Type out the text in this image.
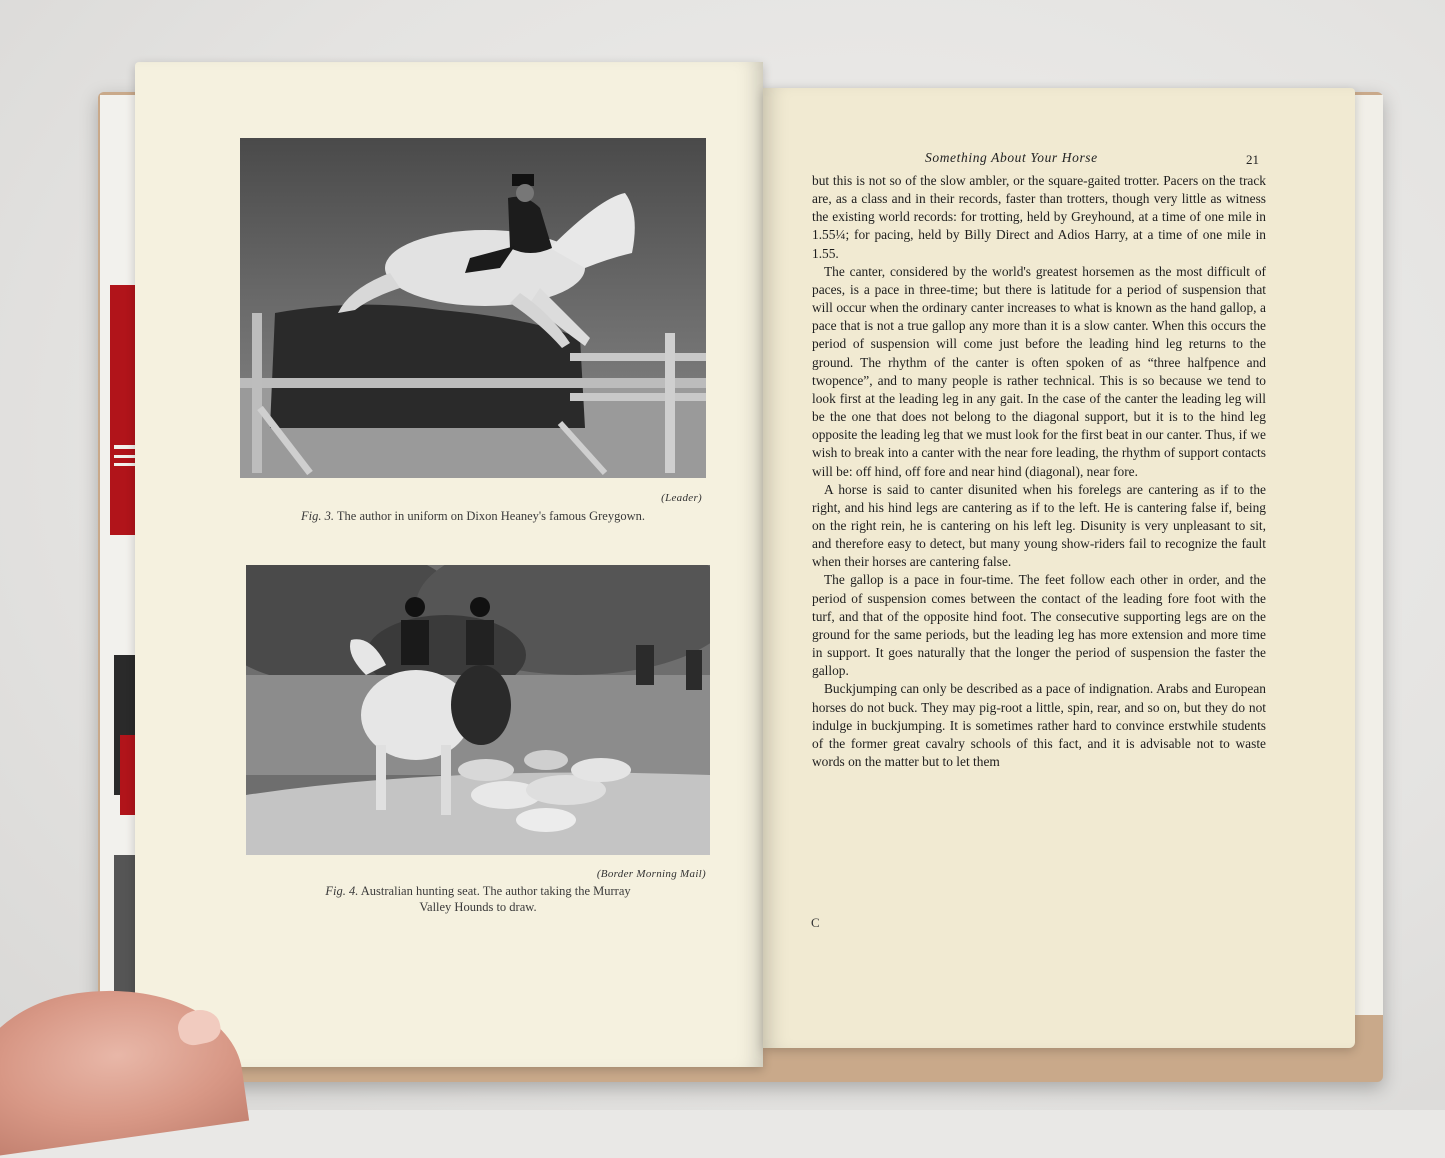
(Leader)
Fig. 3. The author in uniform on Dixon Heaney's famous Greygown.
(Border Morning Mail)
Fig. 4. Australian hunting seat. The author taking the Murray
Valley Hounds to draw.
Something About Your Horse	21

but this is not so of the slow ambler, or the square-gaited trotter. Pacers on the track are, as a class and in their records, faster than trotters, though very little as witness the existing world records: for trotting, held by Greyhound, at a time of one mile in 1.55¼; for pacing, held by Billy Direct and Adios Harry, at a time of one mile in 1.55.

The canter, considered by the world's greatest horsemen as the most difficult of paces, is a pace in three-time; but there is latitude for a period of suspension that will occur when the ordinary canter increases to what is known as the hand gallop, a pace that is not a true gallop any more than it is a slow canter. When this occurs the period of suspension will come just before the leading hind leg returns to the ground. The rhythm of the canter is often spoken of as “three halfpence and twopence”, and to many people is rather technical. This is so because we tend to look first at the leading leg in any gait. In the case of the canter the leading leg will be the one that does not belong to the diagonal support, but it is to the hind leg opposite the leading leg that we must look for the first beat in our canter. Thus, if we wish to break into a canter with the near fore leading, the rhythm of support contacts will be: off hind, off fore and near hind (diagonal), near fore.

A horse is said to canter disunited when his forelegs are cantering as if to the right, and his hind legs are cantering as if to the left. He is cantering false if, being on the right rein, he is cantering on his left leg. Disunity is very unpleasant to sit, and therefore easy to detect, but many young show-riders fail to recognize the fault when their horses are cantering false.

The gallop is a pace in four-time. The feet follow each other in order, and the period of suspension comes between the contact of the leading fore foot with the turf, and that of the opposite hind foot. The consecutive supporting legs are on the ground for the same periods, but the leading leg has more extension and more time in support. It goes naturally that the longer the period of suspension the faster the gallop.

Buckjumping can only be described as a pace of indignation. Arabs and European horses do not buck. They may pig-root a little, spin, rear, and so on, but they do not indulge in buckjumping. It is sometimes rather hard to convince erstwhile students of the former great cavalry schools of this fact, and it is advisable not to waste words on the matter but to let them

C
